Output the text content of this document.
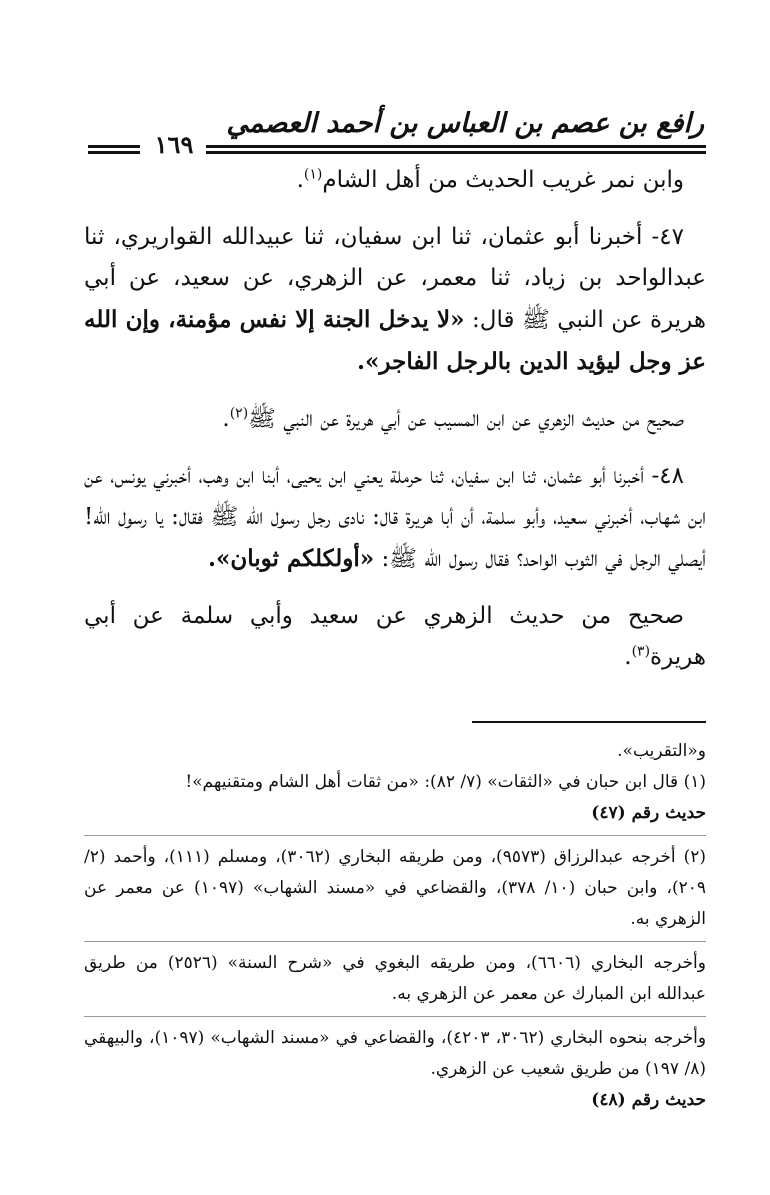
رافع بن عصم بن العباس بن أحمد العصمي
١٦٩

وابن نمر غريب الحديث من أهل الشام$^{(١)}$.

٤٧- أخبرنا أبو عثمان، ثنا ابن سفيان، ثنا عبيدالله القواريري، ثنا عبدالواحد بن زياد، ثنا معمر، عن الزهري، عن سعيد، عن أبي هريرة عن النبي ﷺ قال: «لا يدخل الجنة إلا نفس مؤمنة، وإن الله عز وجل ليؤيد الدين بالرجل الفاجر».

صحيح من حديث الزهري عن ابن المسيب عن أبي هريرة عن النبي ﷺ$^{(٢)}$.

٤٨- أخبرنا أبو عثمان، ثنا ابن سفيان، ثنا حرملة يعني ابن يحيى، أبنا ابن وهب، أخبرني يونس، عن ابن شهاب، أخبرني سعيد، وأبو سلمة، أن أبا هريرة قال: نادى رجل رسول الله ﷺ فقال: يا رسول الله! أيصلي الرجل في الثوب الواحد؟ فقال رسول الله ﷺ: «أولكلكم ثوبان».

صحيح من حديث الزهري عن سعيد وأبي سلمة عن أبي هريرة$^{(٣)}$.

و«التقريب».

(١) قال ابن حبان في «الثقات» (٧/ ٨٢): «من ثقات أهل الشام ومتقنيهم»!

حديث رقم (٤٧)

(٢) أخرجه عبدالرزاق (٩٥٧٣)، ومن طريقه البخاري (٣٠٦٢)، ومسلم (١١١)، وأحمد (٢/ ٢٠٩)، وابن حبان (١٠/ ٣٧٨)، والقضاعي في «مسند الشهاب» (١٠٩٧) عن معمر عن الزهري به.

وأخرجه البخاري (٦٦٠٦)، ومن طريقه البغوي في «شرح السنة» (٢٥٢٦) من طريق عبدالله ابن المبارك عن معمر عن الزهري به.

وأخرجه بنحوه البخاري (٣٠٦٢، ٤٢٠٣)، والقضاعي في «مسند الشهاب» (١٠٩٧)، والبيهقي (٨/ ١٩٧) من طريق شعيب عن الزهري.

حديث رقم (٤٨)
